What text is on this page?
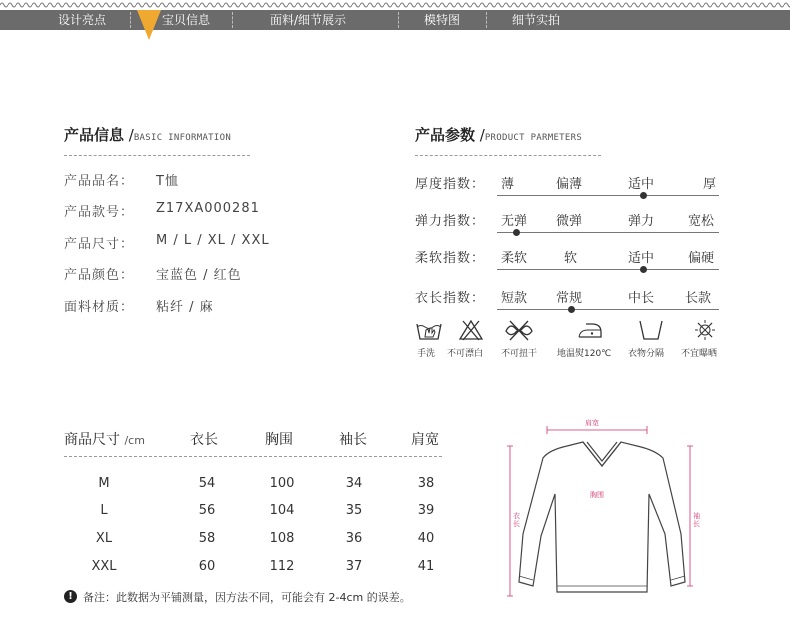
设计亮点	宝贝信息	面料/细节展示	模特图	细节实拍
产品信息 /BASIC INFORMATION
产品品名： T恤
产品款号： Z17XA000281
产品尺寸： M / L / XL / XXL
产品颜色： 宝蓝色 / 红色
面料材质： 粘纤 / 麻
产品参数 /PRODUCT PARMETERS
厚度指数： 薄	偏薄	适中	厚
弹力指数： 无弹 微弹	弹力	宽松
柔软指数： 柔软	软	适中	偏硬
衣长指数： 短款 常规	中长 长款
手洗 不可漂白 不可扭干 地温熨120℃ 衣物分隔 不宜曝晒
商品尺寸 /cm	衣长	胸围	袖长	肩宽
M	54	100	34	38
L	56	104	35	39
XL	58	108	36	40
XXL	60	112	37	41
! 备注：此数据为平铺测量，因方法不同，可能会有 2-4cm 的误差。
肩宽
胸围
衣长
袖长
